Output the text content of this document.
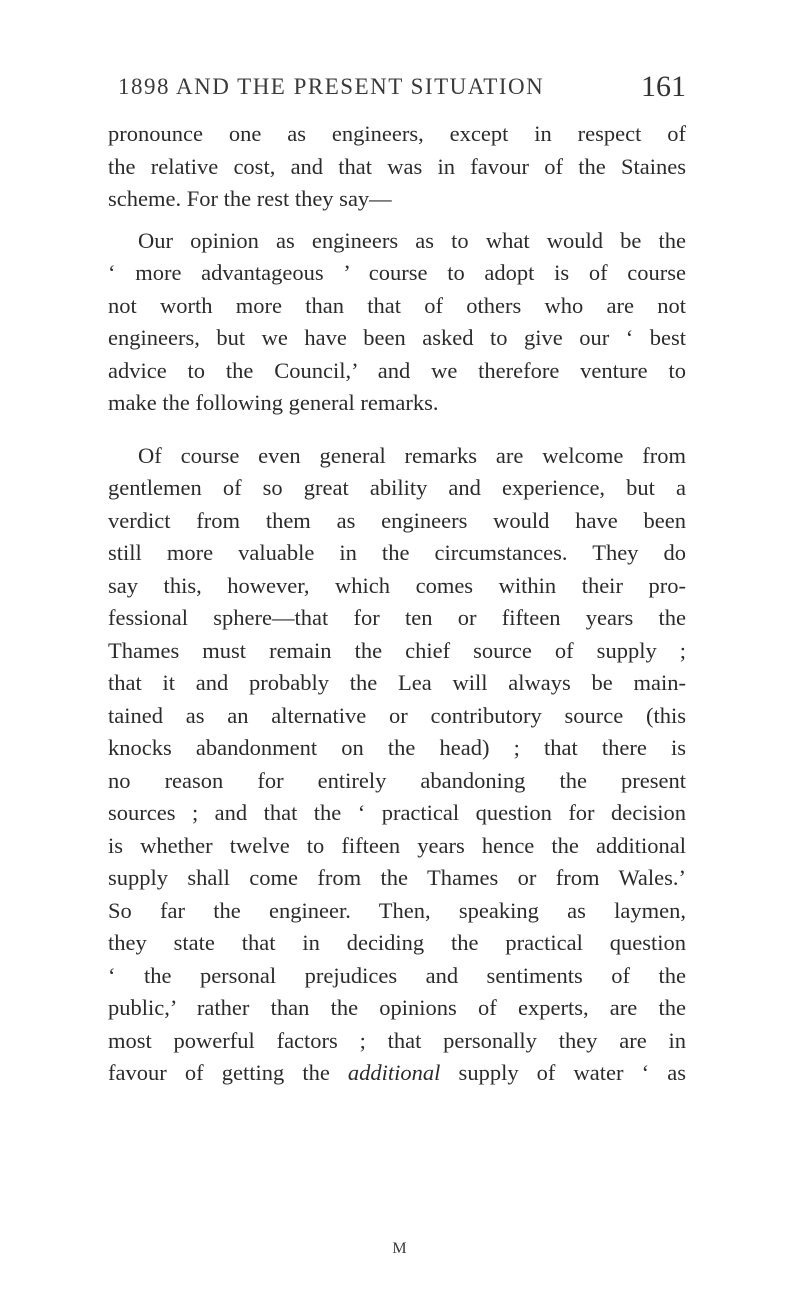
1898 AND THE PRESENT SITUATION	161
pronounce one as engineers, except in respect of
the relative cost, and that was in favour of the Staines
scheme. For the rest they say—
Our opinion as engineers as to what would be the
‘ more advantageous ’ course to adopt is of course
not worth more than that of others who are not
engineers, but we have been asked to give our ‘ best
advice to the Council,’ and we therefore venture to
make the following general remarks.
Of course even general remarks are welcome from
gentlemen of so great ability and experience, but a
verdict from them as engineers would have been
still more valuable in the circumstances. They do
say this, however, which comes within their pro-
fessional sphere—that for ten or fifteen years the
Thames must remain the chief source of supply ;
that it and probably the Lea will always be main-
tained as an alternative or contributory source (this
knocks abandonment on the head) ; that there is
no reason for entirely abandoning the present
sources ; and that the ‘ practical question for decision
is whether twelve to fifteen years hence the additional
supply shall come from the Thames or from Wales.’
So far the engineer. Then, speaking as laymen,
they state that in deciding the practical question
‘ the personal prejudices and sentiments of the
public,’ rather than the opinions of experts, are the
most powerful factors ; that personally they are in
favour of getting the additional supply of water ‘ as
M
